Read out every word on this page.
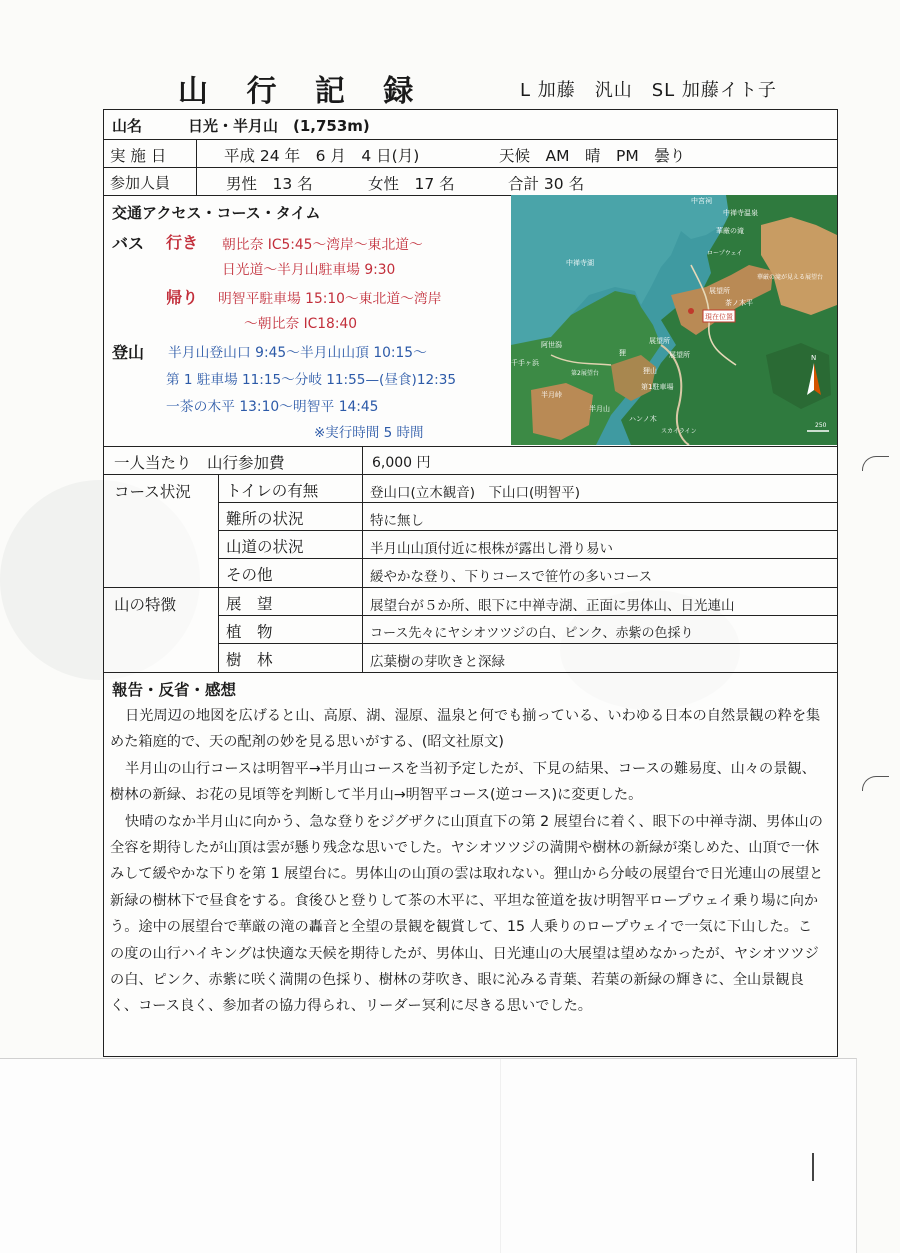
山 行 記 録	L 加藤　汎山　SL 加藤イト子
山名	日光・半月山　(1,753m)
実 施 日	平成 24 年　6 月　4 日(月)	天候　AM　晴　PM　曇り
参加人員	男性　13 名	女性　17 名	合計 30 名
交通アクセス・コース・タイム
バス 行き 朝比奈 IC5:45〜湾岸〜東北道〜
日光道〜半月山駐車場 9:30
帰り 明智平駐車場 15:10〜東北道〜湾岸
〜朝比奈 IC18:40
登山 半月山登山口 9:45〜半月山山頂 10:15〜
第 1 駐車場 11:15〜分岐 11:55—(昼食)12:35
一茶の木平 13:10〜明智平 14:45
※実行時間 5 時間
中禅寺湖
中宮祠
中禅寺温泉
華厳の滝
ロープウェイ
華厳の滝が見える展望台
展望所
茶ノ木平
現在位置
展望所
展望所
狸山
第1駐車場
第2展望台
半月山
半月峠
阿世潟
千手ヶ浜
狸
ハンノ木
スカイライン
N
250
一人当たり　山行参加費	6,000 円
コース状況 トイレの有無	登山口(立木観音)　下山口(明智平)
難所の状況	特に無し
山道の状況	半月山山頂付近に根株が露出し滑り易い
その他	緩やかな登り、下りコースで笹竹の多いコース
山の特徴	展　望	展望台が５か所、眼下に中禅寺湖、正面に男体山、日光連山
植　物	コース先々にヤシオツツジの白、ピンク、赤紫の色採り
樹　林	広葉樹の芽吹きと深緑
報告・反省・感想

日光周辺の地図を広げると山、高原、湖、湿原、温泉と何でも揃っている、いわゆる日本の自然景観の粋を集めた箱庭的で、天の配剤の妙を見る思いがする、(昭文社原文)

半月山の山行コースは明智平→半月山コースを当初予定したが、下見の結果、コースの難易度、山々の景観、樹林の新緑、お花の見頃等を判断して半月山→明智平コース(逆コース)に変更した。

快晴のなか半月山に向かう、急な登りをジグザクに山頂直下の第 2 展望台に着く、眼下の中禅寺湖、男体山の全容を期待したが山頂は雲が懸り残念な思いでした。ヤシオツツジの満開や樹林の新緑が楽しめた、山頂で一休みして緩やかな下りを第 1 展望台に。男体山の山頂の雲は取れない。狸山から分岐の展望台で日光連山の展望と新緑の樹林下で昼食をする。食後ひと登りして茶の木平に、平坦な笹道を抜け明智平ロープウェイ乗り場に向かう。途中の展望台で華厳の滝の轟音と全望の景観を観賞して、15 人乗りのロープウェイで一気に下山した。この度の山行ハイキングは快適な天候を期待したが、男体山、日光連山の大展望は望めなかったが、ヤシオツツジの白、ピンク、赤紫に咲く満開の色採り、樹林の芽吹き、眼に沁みる青葉、若葉の新緑の輝きに、全山景観良く、コース良く、参加者の協力得られ、リーダー冥利に尽きる思いでした。
